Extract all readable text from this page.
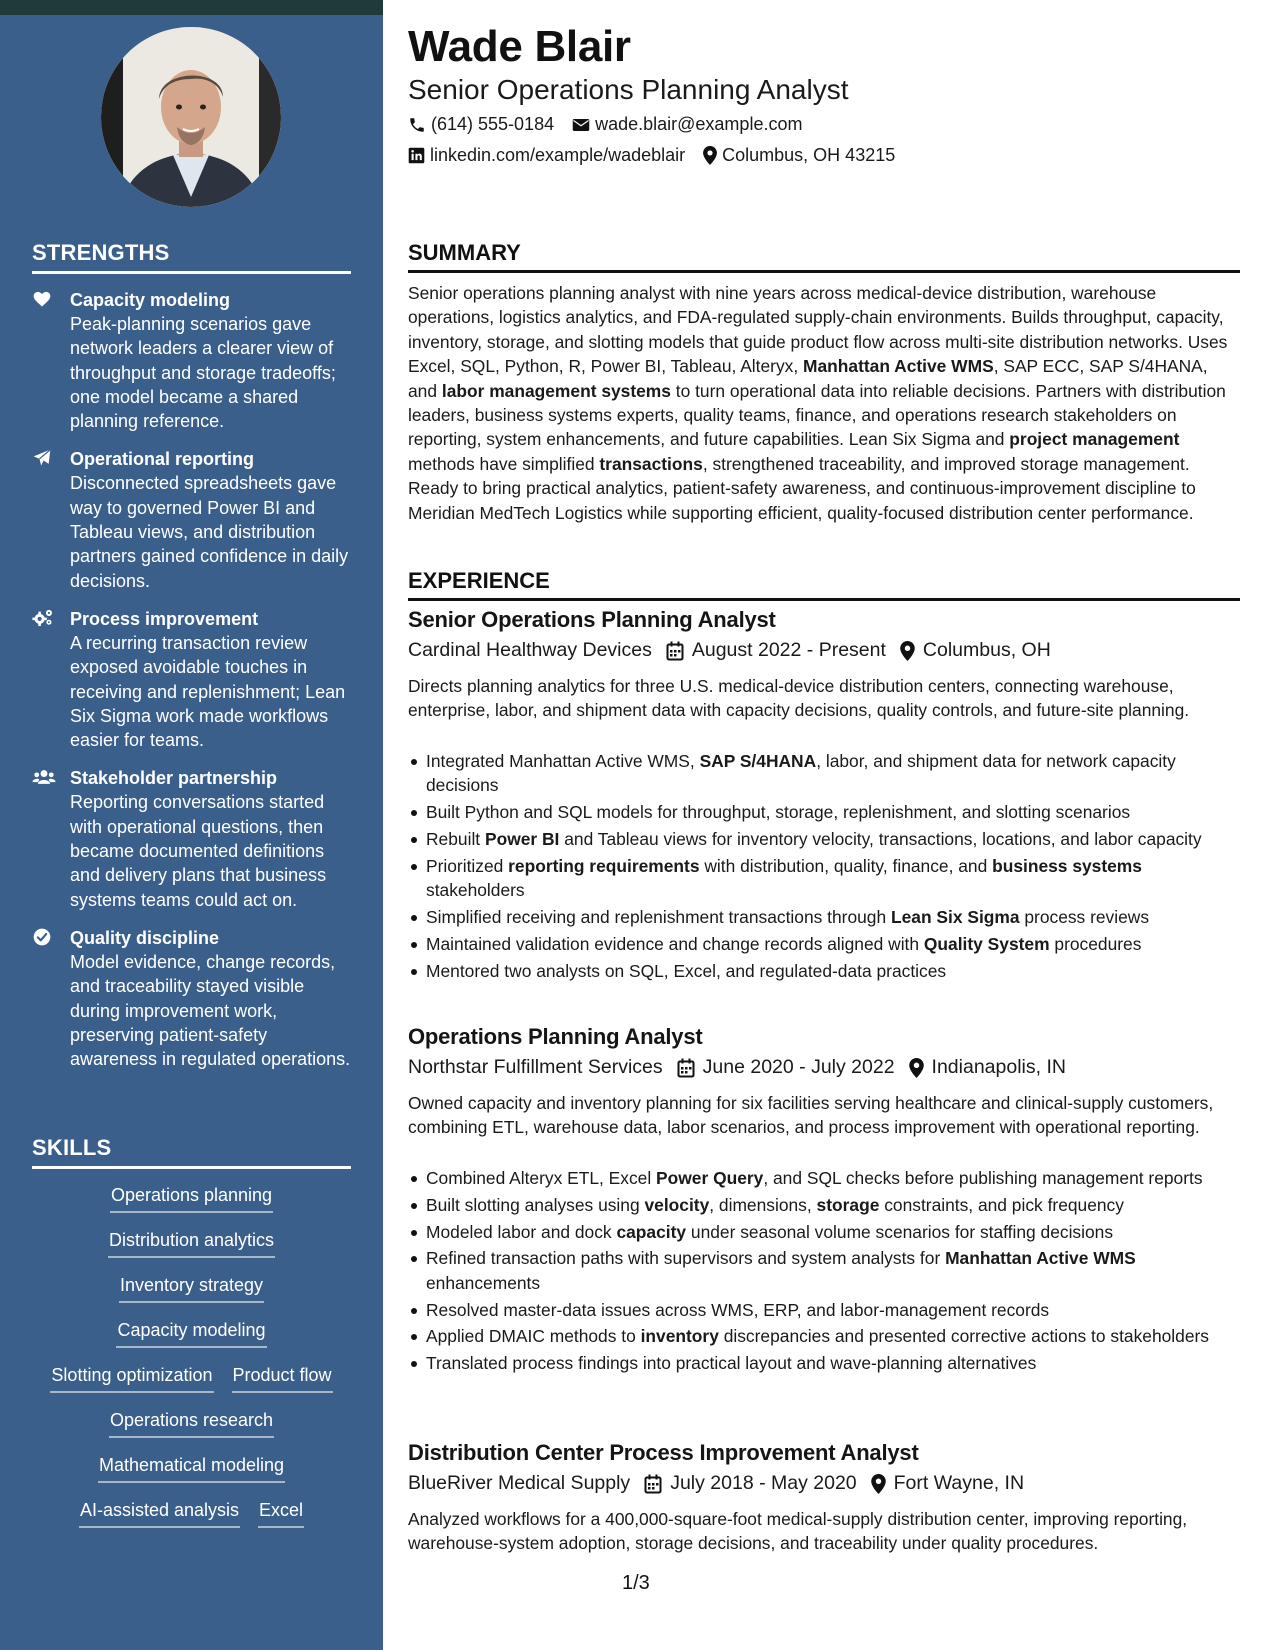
STRENGTHS
Capacity modeling
Peak-planning scenarios gave network leaders a clearer view of throughput and storage tradeoffs; one model became a shared planning reference.
Operational reporting
Disconnected spreadsheets gave way to governed Power BI and Tableau views, and distribution partners gained confidence in daily decisions.
Process improvement
A recurring transaction review exposed avoidable touches in receiving and replenishment; Lean Six Sigma work made workflows easier for teams.
Stakeholder partnership
Reporting conversations started with operational questions, then became documented definitions and delivery plans that business systems teams could act on.
Quality discipline
Model evidence, change records, and traceability stayed visible during improvement work, preserving patient-safety awareness in regulated operations.
SKILLS
Operations planning
Distribution analytics
Inventory strategy
Capacity modeling
Slotting optimization Product flow
Operations research
Mathematical modeling
AI-assisted analysis Excel
Wade Blair
Senior Operations Planning Analyst
(614) 555-0184 wade.blair@example.com
linkedin.com/example/wadeblair Columbus, OH 43215
SUMMARY
Senior operations planning analyst with nine years across medical-device distribution, warehouse operations, logistics analytics, and FDA-regulated supply-chain environments. Builds throughput, capacity, inventory, storage, and slotting models that guide product flow across multi-site distribution networks. Uses Excel, SQL, Python, R, Power BI, Tableau, Alteryx, Manhattan Active WMS, SAP ECC, SAP S/4HANA, and labor management systems to turn operational data into reliable decisions. Partners with distribution leaders, business systems experts, quality teams, finance, and operations research stakeholders on reporting, system enhancements, and future capabilities. Lean Six Sigma and project management methods have simplified transactions, strengthened traceability, and improved storage management. Ready to bring practical analytics, patient-safety awareness, and continuous-improvement discipline to Meridian MedTech Logistics while supporting efficient, quality-focused distribution center performance.
EXPERIENCE
Senior Operations Planning Analyst
Cardinal Healthway Devices August 2022 - Present Columbus, OH
Directs planning analytics for three U.S. medical-device distribution centers, connecting warehouse, enterprise, labor, and shipment data with capacity decisions, quality controls, and future-site planning.
Integrated Manhattan Active WMS, SAP S/4HANA, labor, and shipment data for network capacity decisions
Built Python and SQL models for throughput, storage, replenishment, and slotting scenarios
Rebuilt Power BI and Tableau views for inventory velocity, transactions, locations, and labor capacity
Prioritized reporting requirements with distribution, quality, finance, and business systems stakeholders
Simplified receiving and replenishment transactions through Lean Six Sigma process reviews
Maintained validation evidence and change records aligned with Quality System procedures
Mentored two analysts on SQL, Excel, and regulated-data practices
Operations Planning Analyst
Northstar Fulfillment Services June 2020 - July 2022 Indianapolis, IN
Owned capacity and inventory planning for six facilities serving healthcare and clinical-supply customers, combining ETL, warehouse data, labor scenarios, and process improvement with operational reporting.
Combined Alteryx ETL, Excel Power Query, and SQL checks before publishing management reports
Built slotting analyses using velocity, dimensions, storage constraints, and pick frequency
Modeled labor and dock capacity under seasonal volume scenarios for staffing decisions
Refined transaction paths with supervisors and system analysts for Manhattan Active WMS enhancements
Resolved master-data issues across WMS, ERP, and labor-management records
Applied DMAIC methods to inventory discrepancies and presented corrective actions to stakeholders
Translated process findings into practical layout and wave-planning alternatives
Distribution Center Process Improvement Analyst
BlueRiver Medical Supply July 2018 - May 2020 Fort Wayne, IN
Analyzed workflows for a 400,000-square-foot medical-supply distribution center, improving reporting, warehouse-system adoption, storage decisions, and traceability under quality procedures.
1/3
